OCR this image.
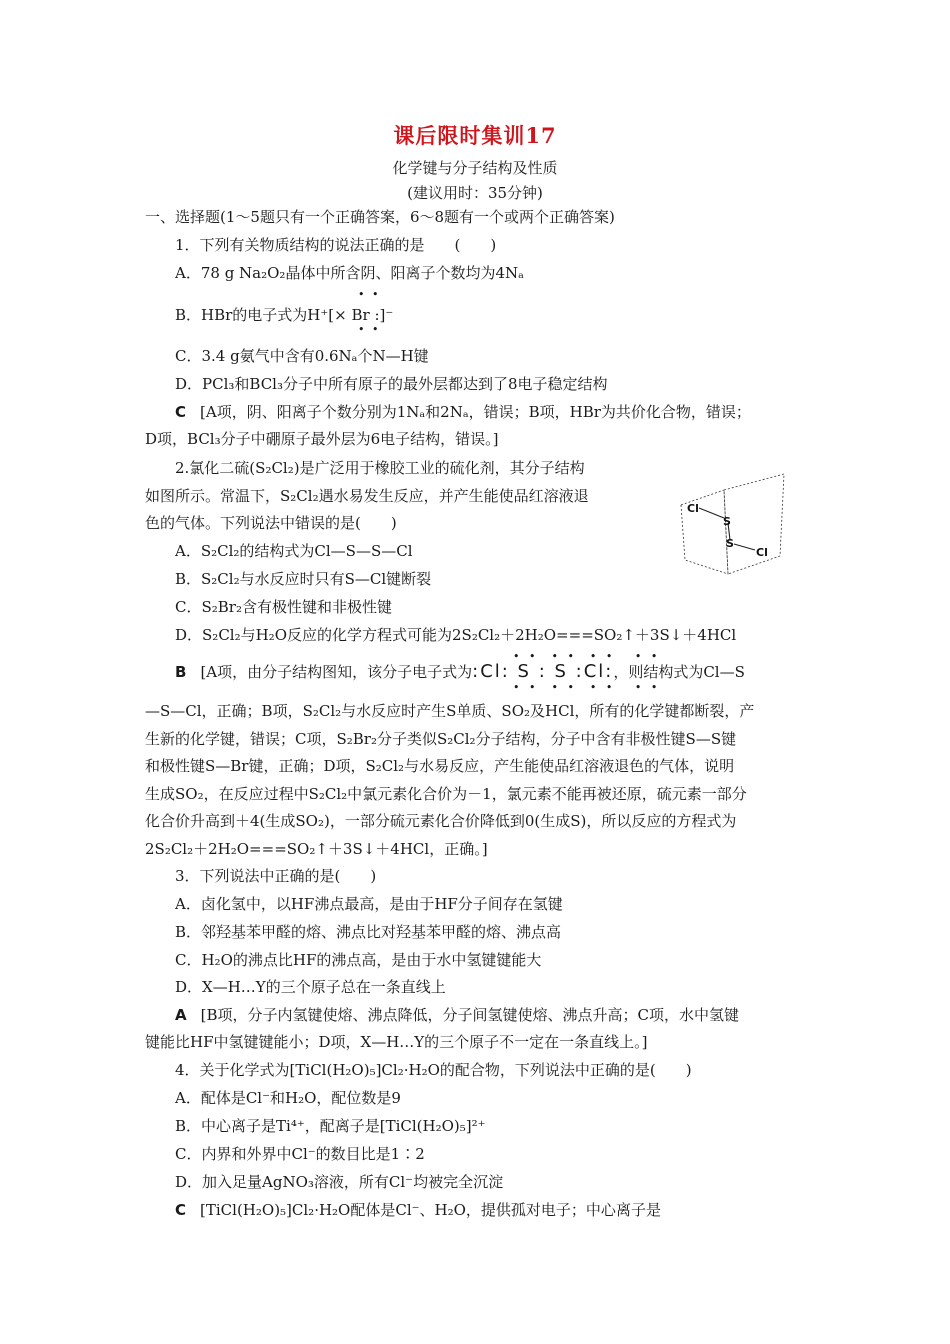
课后限时集训17
化学键与分子结构及性质
(建议用时：35分钟)
一、选择题(1～5题只有一个正确答案，6～8题有一个或两个正确答案)
1．下列有关物质结构的说法正确的是　　(　　)
A．78 g Na₂O₂晶体中所含阴、阳离子个数均为4Nₐ
B．HBr的电子式为H⁺[× Br :]⁻
• •
• •
C．3.4 g氨气中含有0.6Nₐ个N—H键
D．PCl₃和BCl₃分子中所有原子的最外层都达到了8电子稳定结构
C [A项，阴、阳离子个数分别为1Nₐ和2Nₐ，错误；B项，HBr为共价化合物，错误；
D项，BCl₃分子中硼原子最外层为6电子结构，错误。]
2.氯化二硫(S₂Cl₂)是广泛用于橡胶工业的硫化剂，其分子结构
如图所示。常温下，S₂Cl₂遇水易发生反应，并产生能使品红溶液退
色的气体。下列说法中错误的是(　　)
A．S₂Cl₂的结构式为Cl—S—S—Cl
B．S₂Cl₂与水反应时只有S—Cl键断裂
C．S₂Br₂含有极性键和非极性键
D．S₂Cl₂与H₂O反应的化学方程式可能为2S₂Cl₂＋2H₂O===SO₂↑＋3S↓＋4HCl
Cl
S
S
Cl
B [A项，由分子结构图知，该分子电子式为:Cl: S : S :Cl:，则结构式为Cl—S
• •  • •  • •   • •
• •  • •  • •   • •
—S—Cl，正确；B项，S₂Cl₂与水反应时产生S单质、SO₂及HCl，所有的化学键都断裂，产
生新的化学键，错误；C项，S₂Br₂分子类似S₂Cl₂分子结构，分子中含有非极性键S—S键
和极性键S—Br键，正确；D项，S₂Cl₂与水易反应，产生能使品红溶液退色的气体，说明
生成SO₂，在反应过程中S₂Cl₂中氯元素化合价为－1，氯元素不能再被还原，硫元素一部分
化合价升高到＋4(生成SO₂)，一部分硫元素化合价降低到0(生成S)，所以反应的方程式为
2S₂Cl₂＋2H₂O===SO₂↑＋3S↓＋4HCl，正确。]
3．下列说法中正确的是(　　)
A．卤化氢中，以HF沸点最高，是由于HF分子间存在氢键
B．邻羟基苯甲醛的熔、沸点比对羟基苯甲醛的熔、沸点高
C．H₂O的沸点比HF的沸点高，是由于水中氢键键能大
D．X—H…Y的三个原子总在一条直线上
A [B项，分子内氢键使熔、沸点降低，分子间氢键使熔、沸点升高；C项，水中氢键
键能比HF中氢键键能小；D项，X—H…Y的三个原子不一定在一条直线上。]
4．关于化学式为[TiCl(H₂O)₅]Cl₂·H₂O的配合物，下列说法中正确的是(　　)
A．配体是Cl⁻和H₂O，配位数是9
B．中心离子是Ti⁴⁺，配离子是[TiCl(H₂O)₅]²⁺
C．内界和外界中Cl⁻的数目比是1∶2
D．加入足量AgNO₃溶液，所有Cl⁻均被完全沉淀
C [TiCl(H₂O)₅]Cl₂·H₂O配体是Cl⁻、H₂O，提供孤对电子；中心离子是
